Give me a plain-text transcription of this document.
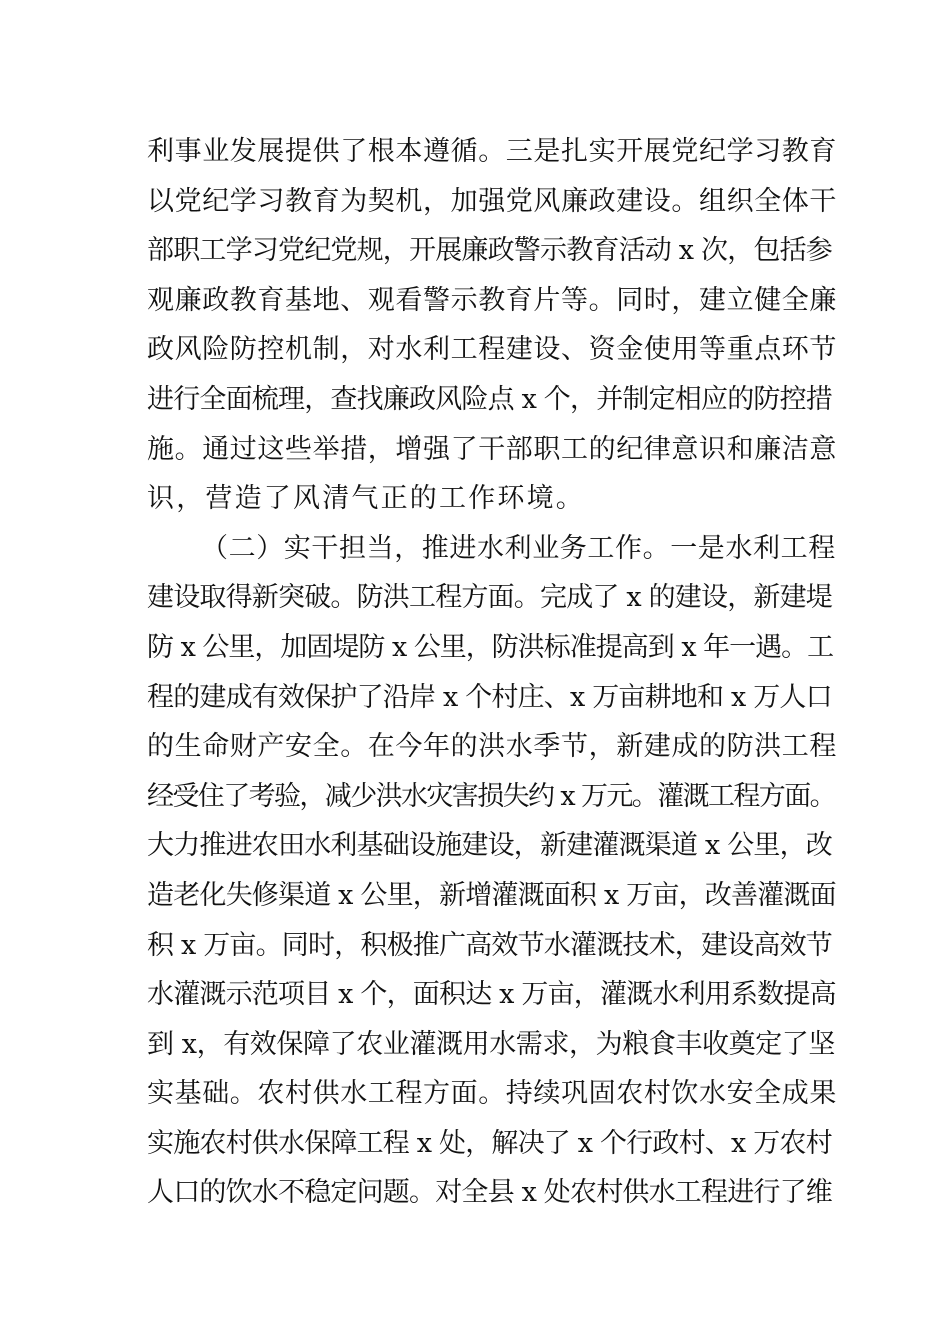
利事业发展提供了根本遵循。三是扎实开展党纪学习教育
以党纪学习教育为契机，加强党风廉政建设。组织全体干
部职工学习党纪党规，开展廉政警示教育活动 x 次，包括参
观廉政教育基地、观看警示教育片等。同时，建立健全廉
政风险防控机制，对水利工程建设、资金使用等重点环节
进行全面梳理，查找廉政风险点 x 个，并制定相应的防控措
施。通过这些举措，增强了干部职工的纪律意识和廉洁意
识，营造了风清气正的工作环境。
（二）实干担当，推进水利业务工作。一是水利工程
建设取得新突破。防洪工程方面。完成了 x 的建设，新建堤
防 x 公里，加固堤防 x 公里，防洪标准提高到 x 年一遇。工
程的建成有效保护了沿岸 x 个村庄、x 万亩耕地和 x 万人口
的生命财产安全。在今年的洪水季节，新建成的防洪工程
经受住了考验，减少洪水灾害损失约 x 万元。灌溉工程方面。
大力推进农田水利基础设施建设，新建灌溉渠道 x 公里，改
造老化失修渠道 x 公里，新增灌溉面积 x 万亩，改善灌溉面
积 x 万亩。同时，积极推广高效节水灌溉技术，建设高效节
水灌溉示范项目 x 个，面积达 x 万亩，灌溉水利用系数提高
到 x，有效保障了农业灌溉用水需求，为粮食丰收奠定了坚
实基础。农村供水工程方面。持续巩固农村饮水安全成果
实施农村供水保障工程 x 处，解决了 x 个行政村、x 万农村
人口的饮水不稳定问题。对全县 x 处农村供水工程进行了维
